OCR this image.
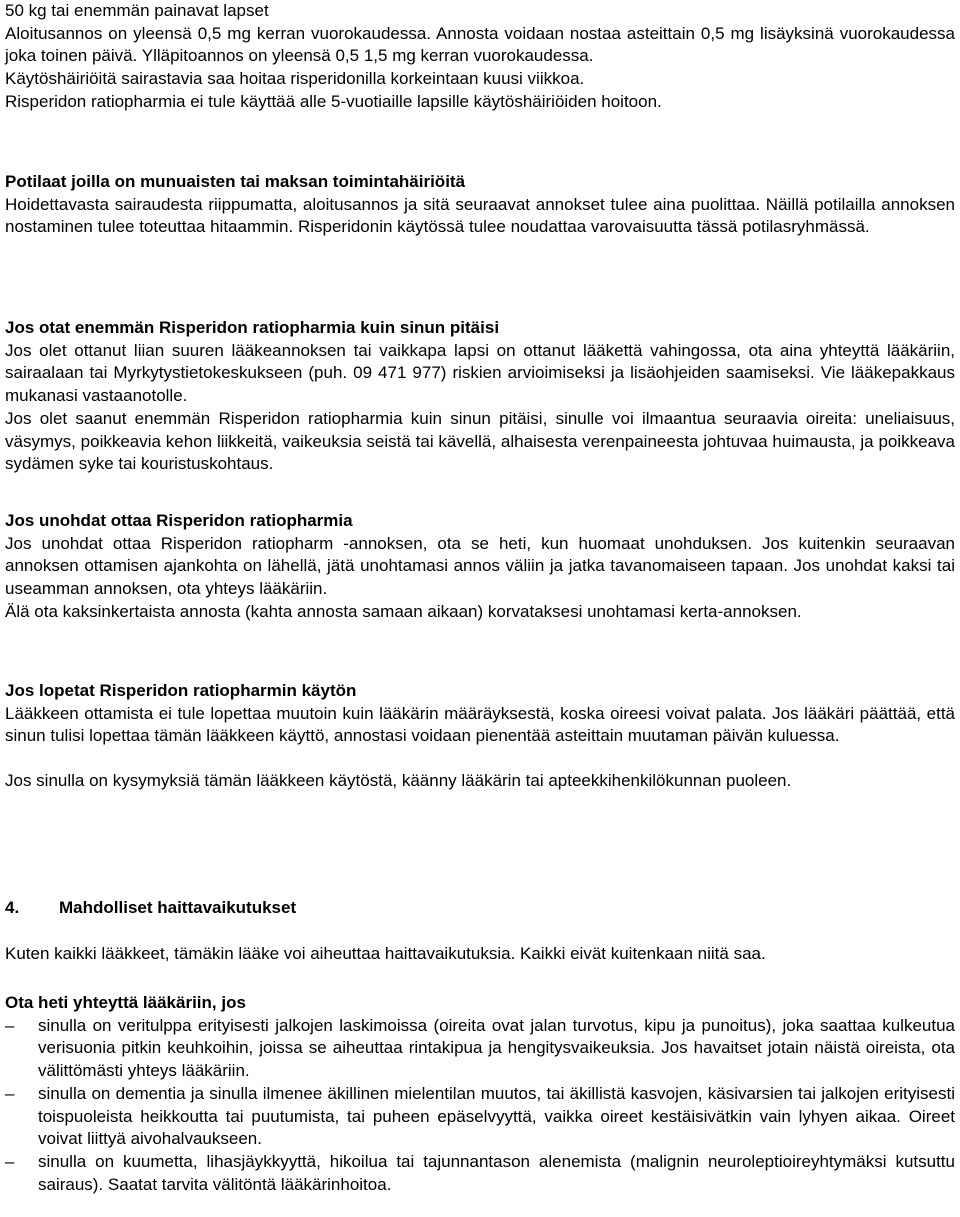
50 kg tai enemmän painavat lapset

Aloitusannos on yleensä 0,5 mg kerran vuorokaudessa. Annosta voidaan nostaa asteittain 0,5 mg lisäyksinä vuorokaudessa joka toinen päivä. Ylläpitoannos on yleensä 0,5 1,5 mg kerran vuorokaudessa.

Käytöshäiriöitä sairastavia saa hoitaa risperidonilla korkeintaan kuusi viikkoa.

Risperidon ratiopharmia ei tule käyttää alle 5-vuotiaille lapsille käytöshäiriöiden hoitoon.

Potilaat joilla on munuaisten tai maksan toimintahäiriöitä

Hoidettavasta sairaudesta riippumatta, aloitusannos ja sitä seuraavat annokset tulee aina puolittaa. Näillä potilailla annoksen nostaminen tulee toteuttaa hitaammin. Risperidonin käytössä tulee noudattaa varovaisuutta tässä potilasryhmässä.

Jos otat enemmän Risperidon ratiopharmia kuin sinun pitäisi

Jos olet ottanut liian suuren lääkeannoksen tai vaikkapa lapsi on ottanut lääkettä vahingossa, ota aina yhteyttä lääkäriin, sairaalaan tai Myrkytystietokeskukseen (puh. 09 471 977) riskien arvioimiseksi ja lisäohjeiden saamiseksi. Vie lääkepakkaus mukanasi vastaanotolle.

Jos olet saanut enemmän Risperidon ratiopharmia kuin sinun pitäisi, sinulle voi ilmaantua seuraavia oireita: uneliaisuus, väsymys, poikkeavia kehon liikkeitä, vaikeuksia seistä tai kävellä, alhaisesta verenpaineesta johtuvaa huimausta, ja poikkeava sydämen syke tai kouristuskohtaus.

Jos unohdat ottaa Risperidon ratiopharmia

Jos unohdat ottaa Risperidon ratiopharm -annoksen, ota se heti, kun huomaat unohduksen. Jos kuitenkin seuraavan annoksen ottamisen ajankohta on lähellä, jätä unohtamasi annos väliin ja jatka tavanomaiseen tapaan. Jos unohdat kaksi tai useamman annoksen, ota yhteys lääkäriin.

Älä ota kaksinkertaista annosta (kahta annosta samaan aikaan) korvataksesi unohtamasi kerta-annoksen.

Jos lopetat Risperidon ratiopharmin käytön

Lääkkeen ottamista ei tule lopettaa muutoin kuin lääkärin määräyksestä, koska oireesi voivat palata. Jos lääkäri päättää, että sinun tulisi lopettaa tämän lääkkeen käyttö, annostasi voidaan pienentää asteittain muutaman päivän kuluessa.

Jos sinulla on kysymyksiä tämän lääkkeen käytöstä, käänny lääkärin tai apteekkihenkilökunnan puoleen.

4. Mahdolliset haittavaikutukset

Kuten kaikki lääkkeet, tämäkin lääke voi aiheuttaa haittavaikutuksia. Kaikki eivät kuitenkaan niitä saa.

Ota heti yhteyttä lääkäriin, jos
– sinulla on veritulppa erityisesti jalkojen laskimoissa (oireita ovat jalan turvotus, kipu ja punoitus), joka saattaa kulkeutua verisuonia pitkin keuhkoihin, joissa se aiheuttaa rintakipua ja hengitysvaikeuksia. Jos havaitset jotain näistä oireista, ota välittömästi yhteys lääkäriin.
– sinulla on dementia ja sinulla ilmenee äkillinen mielentilan muutos, tai äkillistä kasvojen, käsivarsien tai jalkojen erityisesti toispuoleista heikkoutta tai puutumista, tai puheen epäselvyyttä, vaikka oireet kestäisivätkin vain lyhyen aikaa. Oireet voivat liittyä aivohalvaukseen.
– sinulla on kuumetta, lihasjäykkyyttä, hikoilua tai tajunnantason alenemista (malignin neuroleptioireyhtymäksi kutsuttu sairaus). Saatat tarvita välitöntä lääkärinhoitoa.
